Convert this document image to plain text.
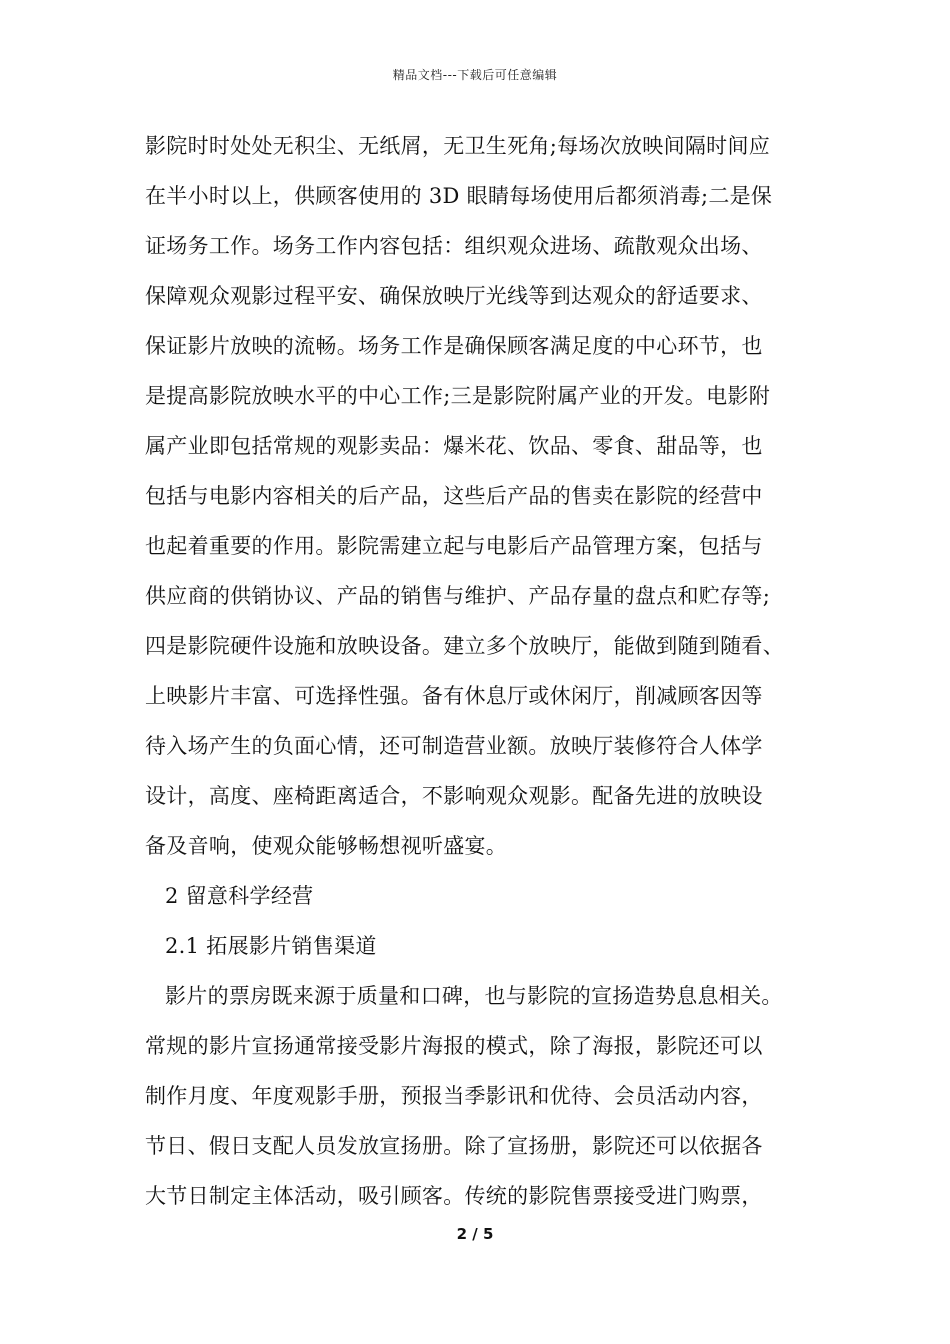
精品文档---下载后可任意编辑
影院时时处处无积尘、无纸屑，无卫生死角;每场次放映间隔时间应
在半小时以上，供顾客使用的 3D 眼睛每场使用后都须消毒;二是保
证场务工作。场务工作内容包括：组织观众进场、疏散观众出场、
保障观众观影过程平安、确保放映厅光线等到达观众的舒适要求、
保证影片放映的流畅。场务工作是确保顾客满足度的中心环节，也
是提高影院放映水平的中心工作;三是影院附属产业的开发。电影附
属产业即包括常规的观影卖品：爆米花、饮品、零食、甜品等，也
包括与电影内容相关的后产品，这些后产品的售卖在影院的经营中
也起着重要的作用。影院需建立起与电影后产品管理方案，包括与
供应商的供销协议、产品的销售与维护、产品存量的盘点和贮存等;
四是影院硬件设施和放映设备。建立多个放映厅，能做到随到随看、
上映影片丰富、可选择性强。备有休息厅或休闲厅，削减顾客因等
待入场产生的负面心情，还可制造营业额。放映厅装修符合人体学
设计，高度、座椅距离适合，不影响观众观影。配备先进的放映设
备及音响，使观众能够畅想视听盛宴。
2 留意科学经营
2.1 拓展影片销售渠道
影片的票房既来源于质量和口碑，也与影院的宣扬造势息息相关。
常规的影片宣扬通常接受影片海报的模式，除了海报，影院还可以
制作月度、年度观影手册，预报当季影讯和优待、会员活动内容，
节日、假日支配人员发放宣扬册。除了宣扬册，影院还可以依据各
大节日制定主体活动，吸引顾客。传统的影院售票接受进门购票，
2 / 5
